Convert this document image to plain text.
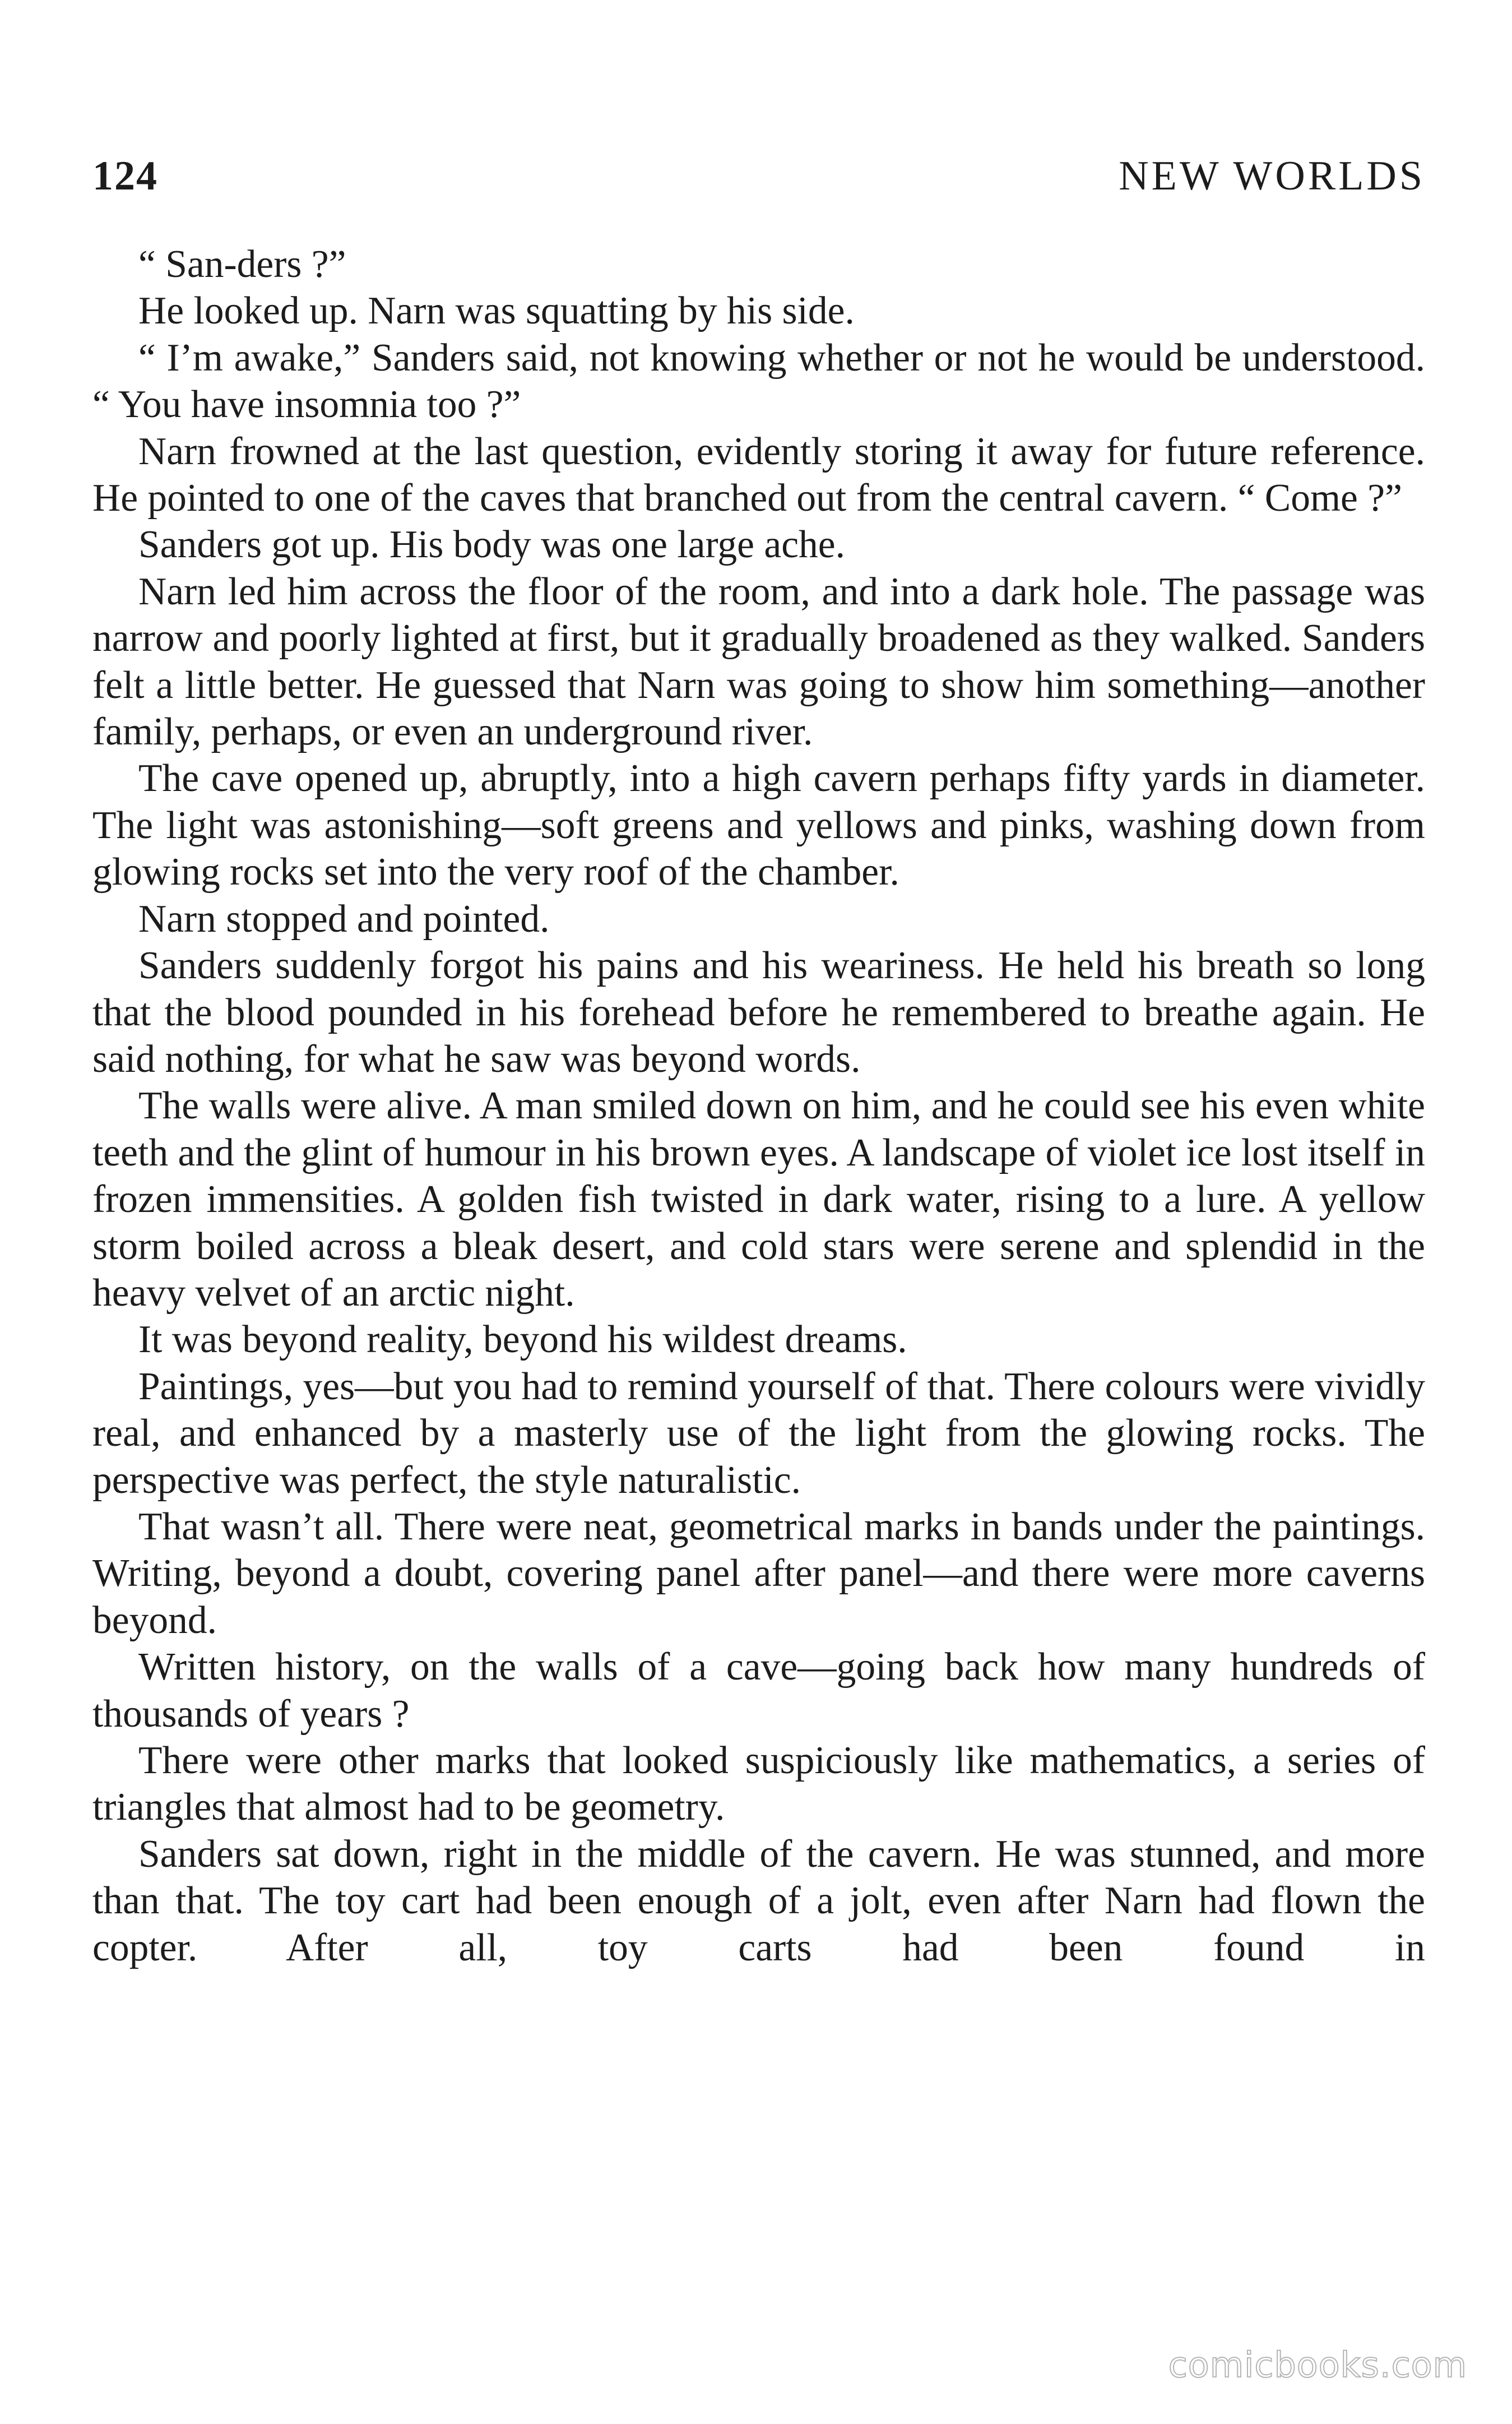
124	NEW WORLDS

“ San-ders ?”

He looked up. Narn was squatting by his side.

“ I’m awake,” Sanders said, not knowing whether or not he would be understood. “ You have insomnia too ?”

Narn frowned at the last question, evidently storing it away for future reference. He pointed to one of the caves that branched out from the central cavern. “ Come ?”

Sanders got up. His body was one large ache.

Narn led him across the floor of the room, and into a dark hole. The passage was narrow and poorly lighted at first, but it gradually broadened as they walked. Sanders felt a little better. He guessed that Narn was going to show him something—another family, perhaps, or even an underground river.

The cave opened up, abruptly, into a high cavern perhaps fifty yards in diameter. The light was astonishing—soft greens and yellows and pinks, washing down from glowing rocks set into the very roof of the chamber.

Narn stopped and pointed.

Sanders suddenly forgot his pains and his weariness. He held his breath so long that the blood pounded in his forehead before he remembered to breathe again. He said nothing, for what he saw was beyond words.

The walls were alive. A man smiled down on him, and he could see his even white teeth and the glint of humour in his brown eyes. A landscape of violet ice lost itself in frozen immensities. A golden fish twisted in dark water, rising to a lure. A yellow storm boiled across a bleak desert, and cold stars were serene and splendid in the heavy velvet of an arctic night.

It was beyond reality, beyond his wildest dreams.

Paintings, yes—but you had to remind yourself of that. There colours were vividly real, and enhanced by a masterly use of the light from the glowing rocks. The perspective was perfect, the style naturalistic.

That wasn’t all. There were neat, geometrical marks in bands under the paintings. Writing, beyond a doubt, covering panel after panel—and there were more caverns beyond.

Written history, on the walls of a cave—going back how many hundreds of thousands of years ?

There were other marks that looked suspiciously like mathematics, a series of triangles that almost had to be geometry.

Sanders sat down, right in the middle of the cavern. He was stunned, and more than that. The toy cart had been enough of a jolt, even after Narn had flown the copter. After all, toy carts had been found in

comicbooks.com
